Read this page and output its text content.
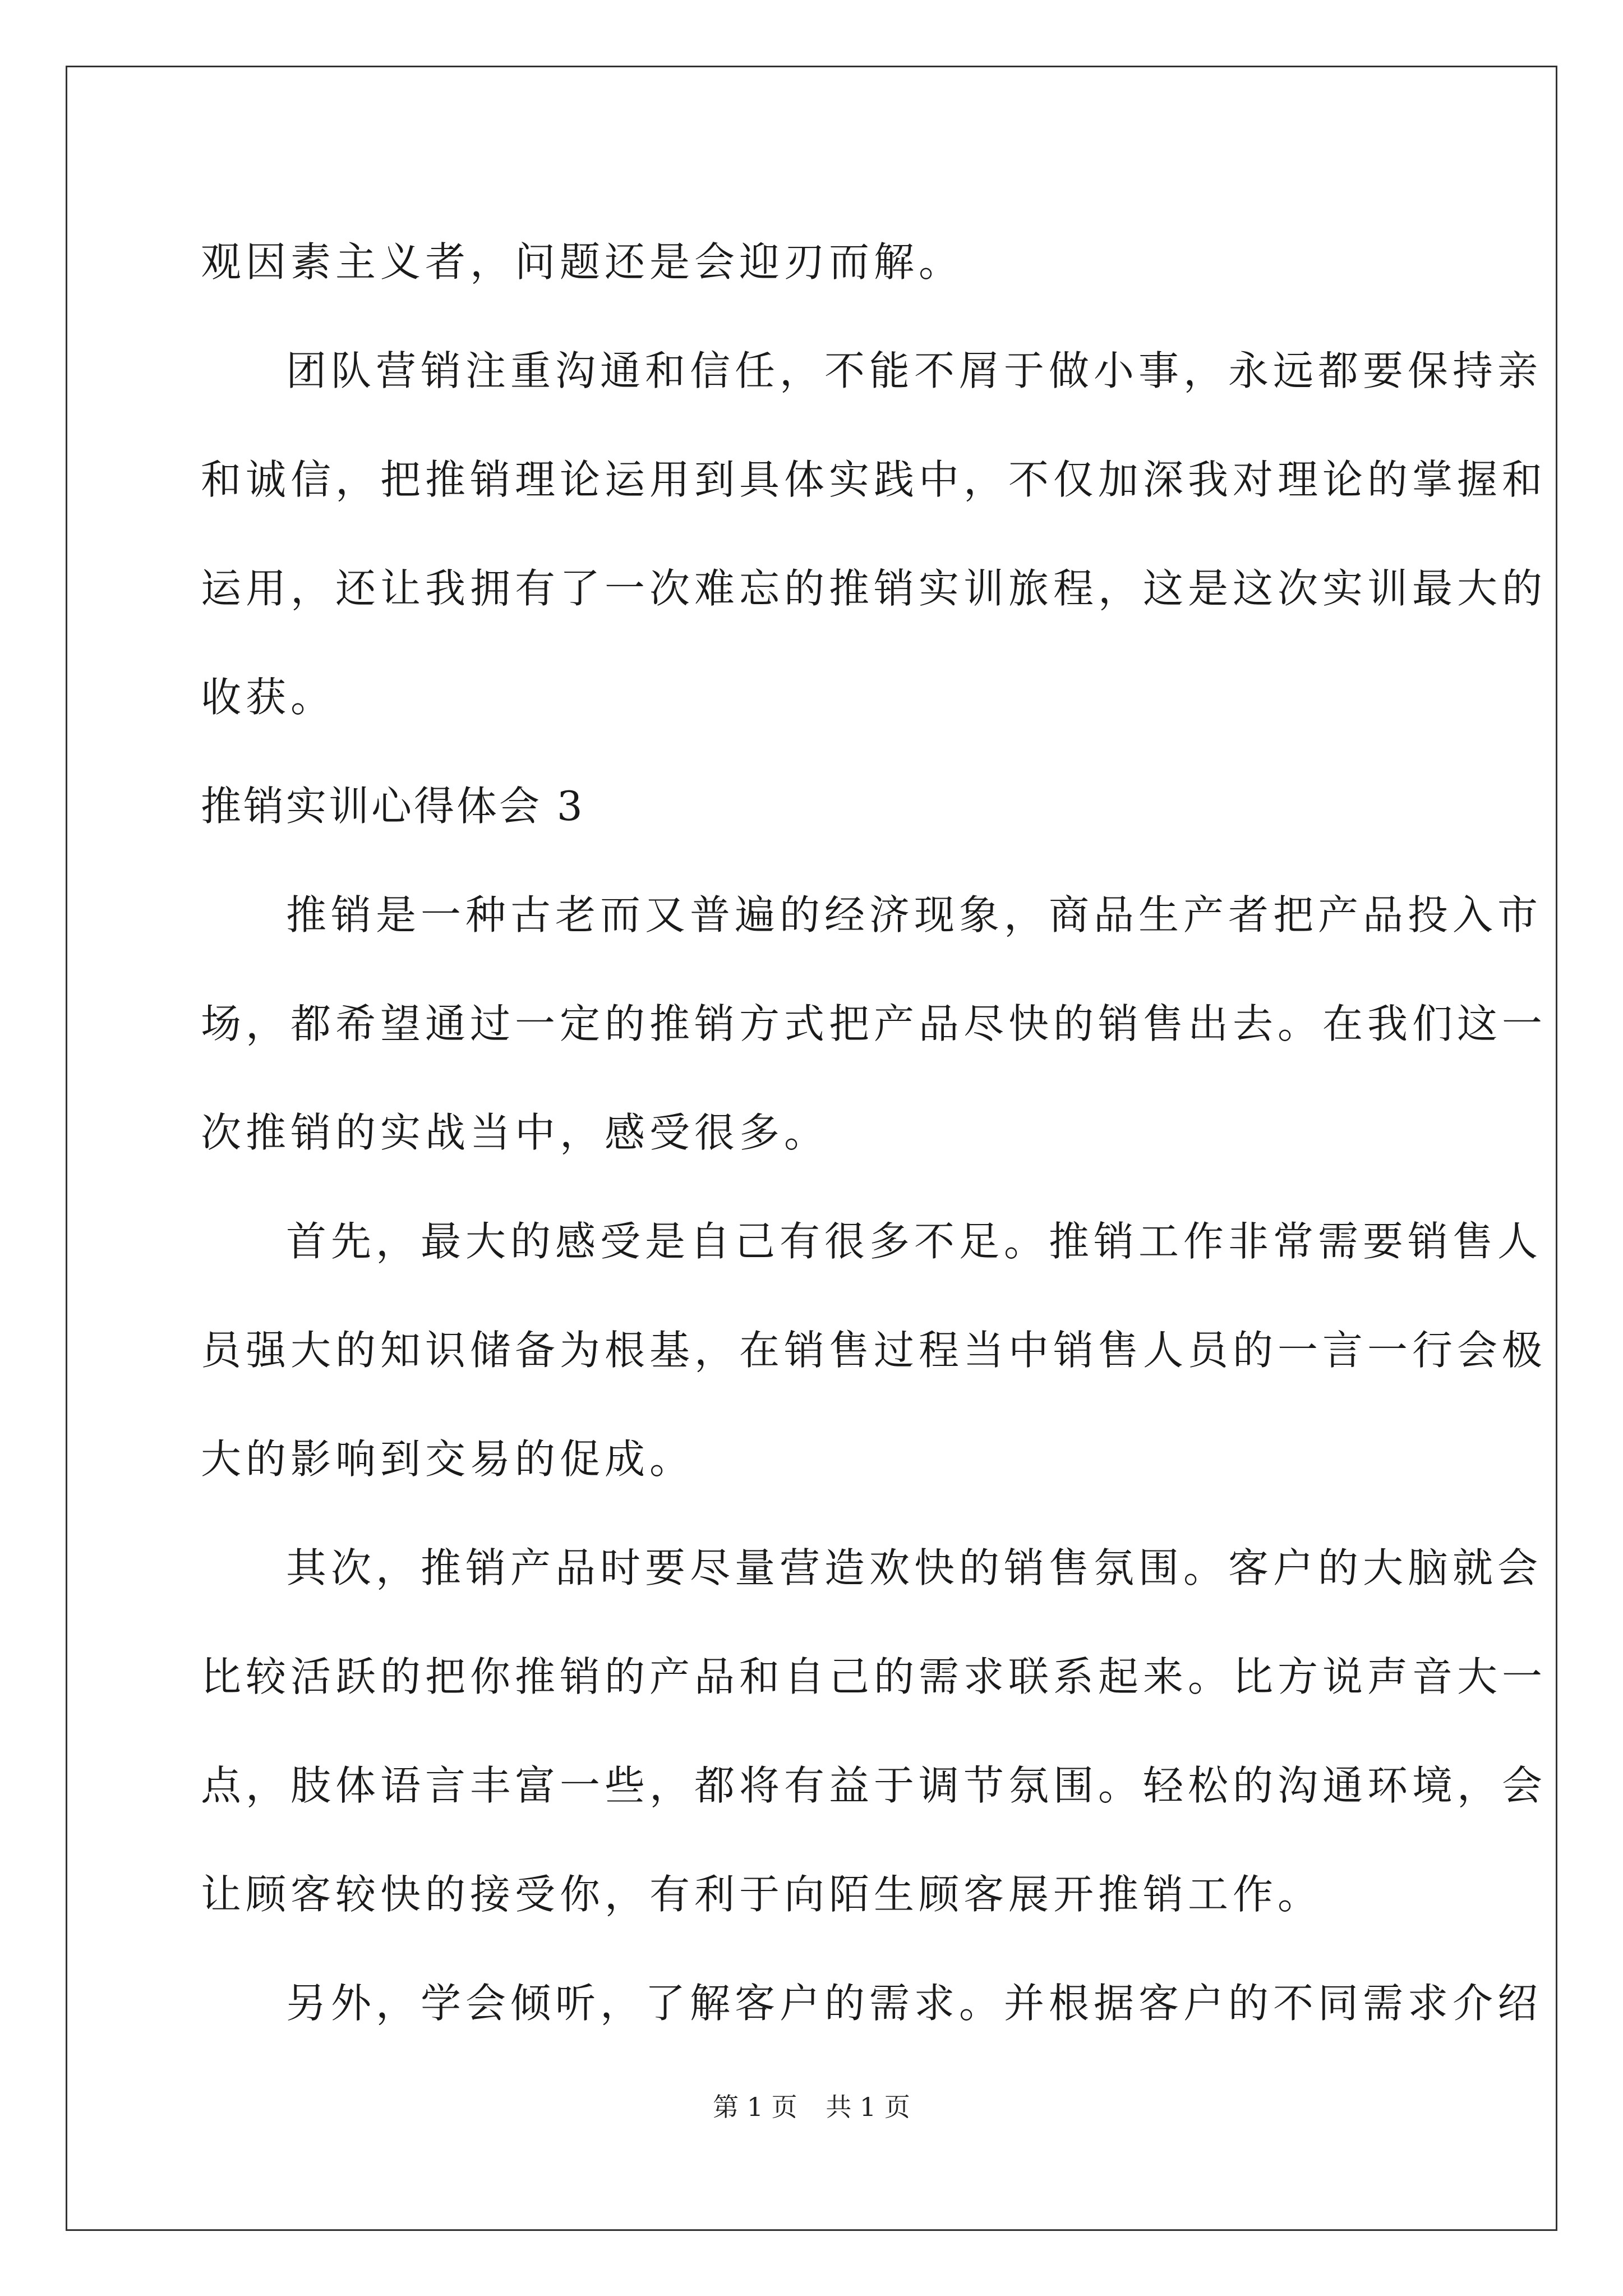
观因素主义者，问题还是会迎刃而解。
团队营销注重沟通和信任，不能不屑于做小事，永远都要保持亲
和诚信，把推销理论运用到具体实践中，不仅加深我对理论的掌握和
运用，还让我拥有了一次难忘的推销实训旅程，这是这次实训最大的
收获。
推销实训心得体会 3
推销是一种古老而又普遍的经济现象，商品生产者把产品投入市
场，都希望通过一定的推销方式把产品尽快的销售出去。在我们这一
次推销的实战当中，感受很多。
首先，最大的感受是自己有很多不足。推销工作非常需要销售人
员强大的知识储备为根基，在销售过程当中销售人员的一言一行会极
大的影响到交易的促成。
其次，推销产品时要尽量营造欢快的销售氛围。客户的大脑就会
比较活跃的把你推销的产品和自己的需求联系起来。比方说声音大一
点，肢体语言丰富一些，都将有益于调节氛围。轻松的沟通环境，会
让顾客较快的接受你，有利于向陌生顾客展开推销工作。
另外，学会倾听，了解客户的需求。并根据客户的不同需求介绍
第 1 页 共 1 页
